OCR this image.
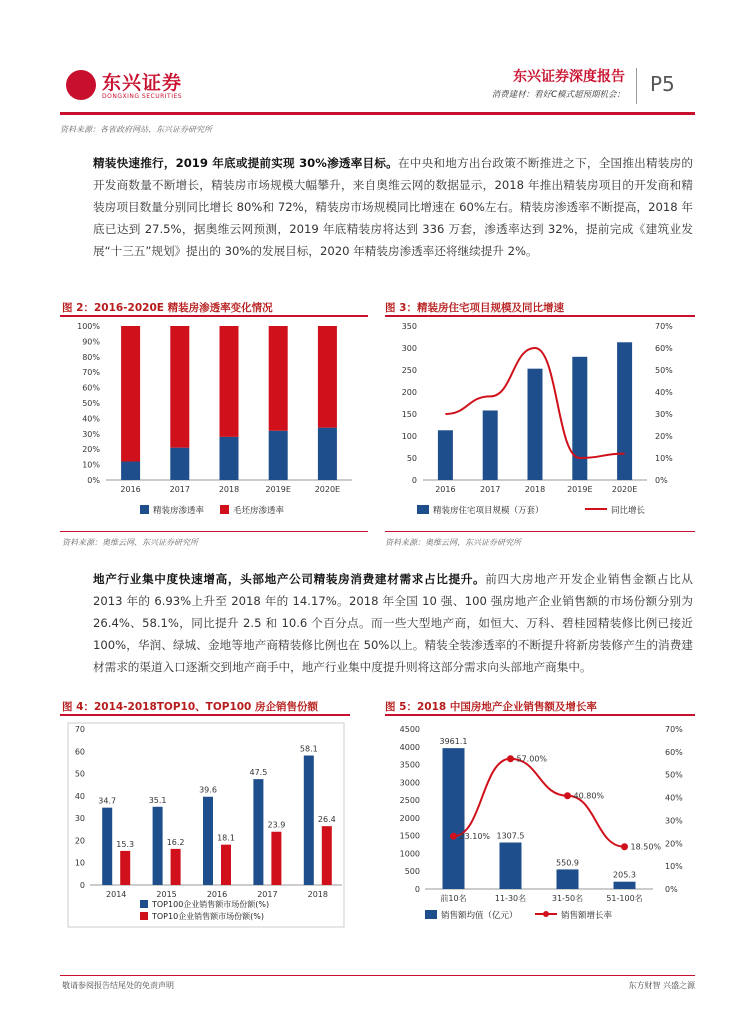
东兴证券
DONGXING SECURITIES
东兴证券深度报告
消费建材：看好C模式超预期机会： P5
资料来源：各省政府网站、东兴证券研究所
精装快速推行，2019 年底或提前实现 30%渗透率目标。在中央和地方出台政策不断推进之下，全国推出精装房的开发商数量不断增长，精装房市场规模大幅攀升，来自奥维云网的数据显示，2018 年推出精装房项目的开发商和精装房项目数量分别同比增长 80%和 72%，精装房市场规模同比增速在 60%左右。精装房渗透率不断提高，2018 年底已达到 27.5%，据奥维云网预测，2019 年底精装房将达到 336 万套，渗透率达到 32%，提前完成《建筑业发展“十三五”规划》提出的 30%的发展目标，2020 年精装房渗透率还将继续提升 2%。
图 2：2016-2020E 精装房渗透率变化情况
0%
10%
20%
30%
40%
50%
60%
70%
80%
90%
100%
2016	2017	2018	2019E	2020E
精装房渗透率	毛坯房渗透率
图 3：精装房住宅项目规模及同比增速
0
50
100
150
200
250
300
350
0%
10%
20%
30%
40%
50%
60%
70%
2016	2017	2018	2019E 2020E
精装房住宅项目规模（万套）	同比增长
资料来源：奥维云网、东兴证券研究所	资料来源：奥维云网、东兴证券研究所
地产行业集中度快速增高，头部地产公司精装房消费建材需求占比提升。前四大房地产开发企业销售金额占比从 2013 年的 6.93%上升至 2018 年的 14.17%。2018 年全国 10 强、100 强房地产企业销售额的市场份额分别为 26.4%、58.1%，同比提升 2.5 和 10.6 个百分点。而一些大型地产商，如恒大、万科、碧桂园精装修比例已接近 100%，华润、绿城、金地等地产商精装修比例也在 50%以上。精装全装渗透率的不断提升将新房装修产生的消费建材需求的渠道入口逐渐交到地产商手中，地产行业集中度提升则将这部分需求向头部地产商集中。
图 4：2014-2018TOP10、TOP100 房企销售份额
0
10
20
30
40
50
60
70
34.7
15.3
2014
35.1
16.2
2015
39.6
18.1
2016
47.5
23.9
2017
58.1
26.4
2018
TOP100企业销售额市场份额(%)
TOP10企业销售额市场份额(%)
图 5：2018 中国房地产企业销售额及增长率
0
500
1000
1500
2000
2500
3000
3500
4000
4500
0%
10%
20%
30%
40%
50%
60%
70%
3961.1
前10名
1307.5
11-30名
550.9
31-50名
205.3
51-100名
23.10%
57.00%
40.80%
18.50%
销售额均值（亿元）	销售额增长率
敬请参阅报告结尾处的免责声明	东方财智 兴盛之源
